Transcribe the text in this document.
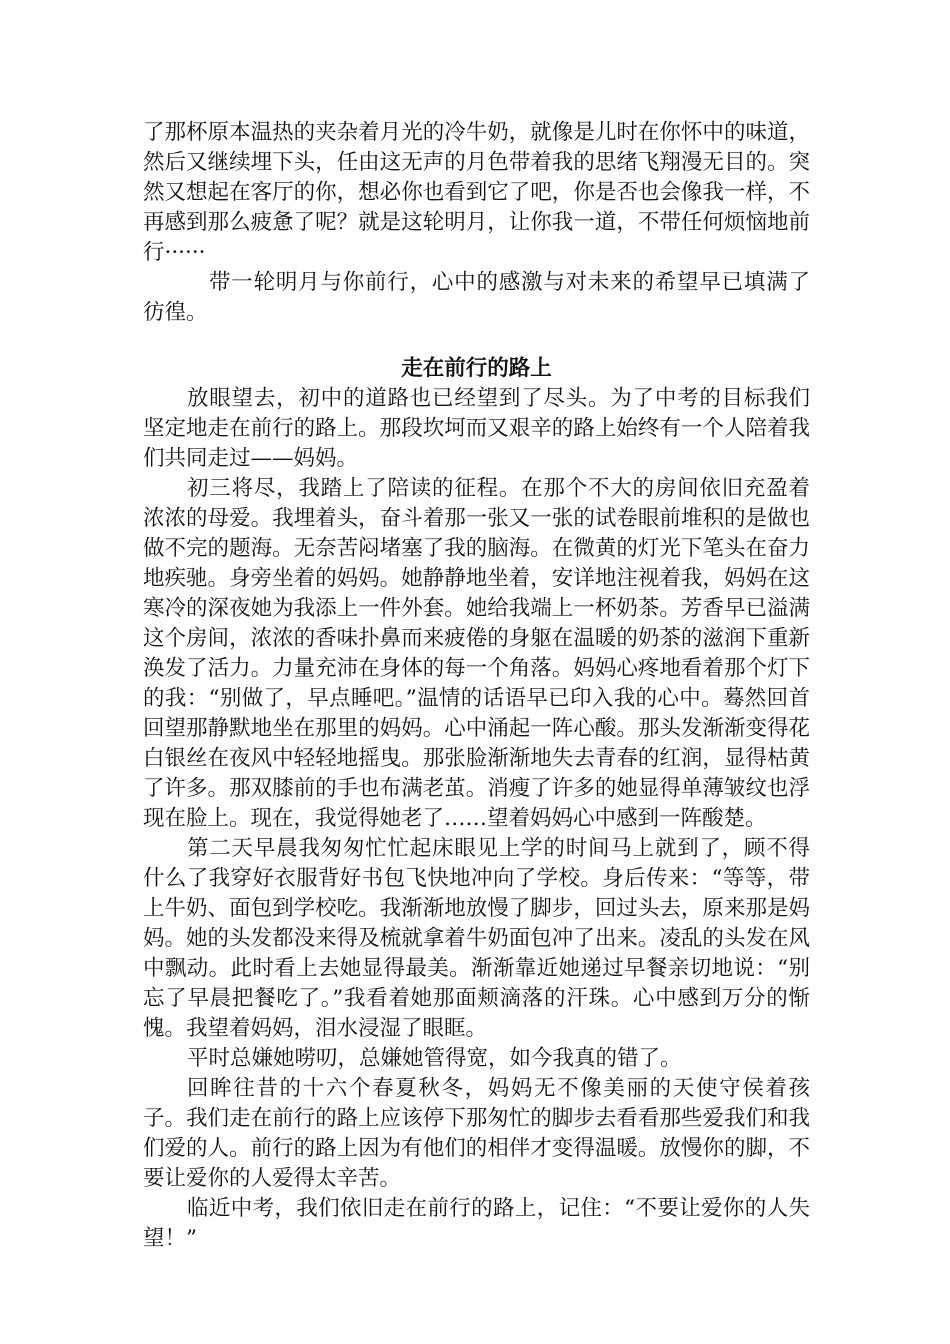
了那杯原本温热的夹杂着月光的冷牛奶，就像是儿时在你怀中的味道，然后又继续埋下头，任由这无声的月色带着我的思绪飞翔漫无目的。突然又想起在客厅的你，想必你也看到它了吧，你是否也会像我一样，不再感到那么疲惫了呢？就是这轮明月，让你我一道，不带任何烦恼地前行······

带一轮明月与你前行，心中的感激与对未来的希望早已填满了彷徨。

走在前行的路上

放眼望去，初中的道路也已经望到了尽头。为了中考的目标我们坚定地走在前行的路上。那段坎坷而又艰辛的路上始终有一个人陪着我们共同走过——妈妈。

初三将尽，我踏上了陪读的征程。在那个不大的房间依旧充盈着浓浓的母爱。我埋着头，奋斗着那一张又一张的试卷眼前堆积的是做也做不完的题海。无奈苦闷堵塞了我的脑海。在微黄的灯光下笔头在奋力地疾驰。身旁坐着的妈妈。她静静地坐着，安详地注视着我，妈妈在这寒冷的深夜她为我添上一件外套。她给我端上一杯奶茶。芳香早已溢满这个房间，浓浓的香味扑鼻而来疲倦的身躯在温暖的奶茶的滋润下重新涣发了活力。力量充沛在身体的每一个角落。妈妈心疼地看着那个灯下的我：“别做了，早点睡吧。”温情的话语早已印入我的心中。蓦然回首回望那静默地坐在那里的妈妈。心中涌起一阵心酸。那头发渐渐变得花白银丝在夜风中轻轻地摇曳。那张脸渐渐地失去青春的红润，显得枯黄了许多。那双膝前的手也布满老茧。消瘦了许多的她显得单薄皱纹也浮现在脸上。现在，我觉得她老了……望着妈妈心中感到一阵酸楚。

第二天早晨我匆匆忙忙起床眼见上学的时间马上就到了，顾不得什么了我穿好衣服背好书包飞快地冲向了学校。身后传来：“等等，带上牛奶、面包到学校吃。我渐渐地放慢了脚步，回过头去，原来那是妈妈。她的头发都没来得及梳就拿着牛奶面包冲了出来。凌乱的头发在风中飘动。此时看上去她显得最美。渐渐靠近她递过早餐亲切地说：“别忘了早晨把餐吃了。”我看着她那面颊滴落的汗珠。心中感到万分的惭愧。我望着妈妈，泪水浸湿了眼眶。

平时总嫌她唠叨，总嫌她管得宽，如今我真的错了。

回眸往昔的十六个春夏秋冬，妈妈无不像美丽的天使守侯着孩子。我们走在前行的路上应该停下那匆忙的脚步去看看那些爱我们和我们爱的人。前行的路上因为有他们的相伴才变得温暖。放慢你的脚，不要让爱你的人爱得太辛苦。

临近中考，我们依旧走在前行的路上，记住：“不要让爱你的人失望！”
